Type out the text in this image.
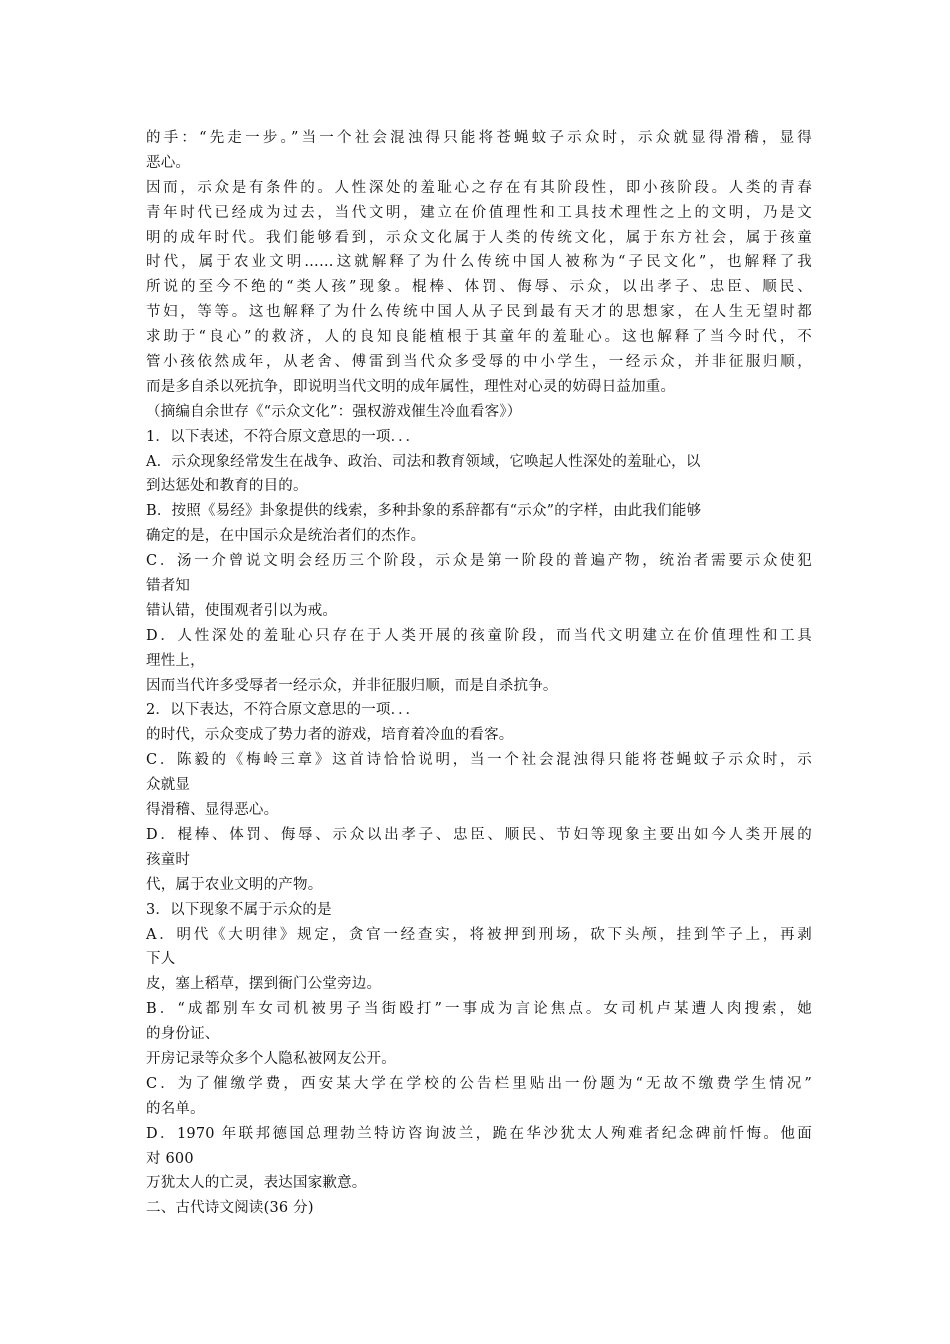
的手：“先走一步。”当一个社会混浊得只能将苍蝇蚊子示众时，示众就显得滑稽，显得
恶心。
因而，示众是有条件的。人性深处的羞耻心之存在有其阶段性，即小孩阶段。人类的青春
青年时代已经成为过去，当代文明，建立在价值理性和工具技术理性之上的文明，乃是文
明的成年时代。我们能够看到，示众文化属于人类的传统文化，属于东方社会，属于孩童
时代，属于农业文明……这就解释了为什么传统中国人被称为“子民文化”，也解释了我
所说的至今不绝的“类人孩”现象。棍棒、体罚、侮辱、示众，以出孝子、忠臣、顺民、
节妇，等等。这也解释了为什么传统中国人从子民到最有天才的思想家，在人生无望时都
求助于“良心”的救济，人的良知良能植根于其童年的羞耻心。这也解释了当今时代，不
管小孩依然成年，从老舍、傅雷到当代众多受辱的中小学生，一经示众，并非征服归顺，
而是多自杀以死抗争，即说明当代文明的成年属性，理性对心灵的妨碍日益加重。
（摘编自余世存《“示众文化”：强权游戏催生冷血看客》）
1．以下表述，不符合原文意思的一项．．．
A．示众现象经常发生在战争、政治、司法和教育领域，它唤起人性深处的羞耻心，以
到达惩处和教育的目的。
B．按照《易经》卦象提供的线索，多种卦象的系辞都有“示众”的字样，由此我们能够
确定的是，在中国示众是统治者们的杰作。
C．汤一介曾说文明会经历三个阶段，示众是第一阶段的普遍产物，统治者需要示众使犯
错者知
错认错，使围观者引以为戒。
D．人性深处的羞耻心只存在于人类开展的孩童阶段，而当代文明建立在价值理性和工具
理性上，
因而当代许多受辱者一经示众，并非征服归顺，而是自杀抗争。
2．以下表达，不符合原文意思的一项．．．
的时代，示众变成了势力者的游戏，培育着冷血的看客。
C．陈毅的《梅岭三章》这首诗恰恰说明，当一个社会混浊得只能将苍蝇蚊子示众时，示
众就显
得滑稽、显得恶心。
D．棍棒、体罚、侮辱、示众以出孝子、忠臣、顺民、节妇等现象主要出如今人类开展的
孩童时
代，属于农业文明的产物。
3．以下现象不属于示众的是
A．明代《大明律》规定，贪官一经查实，将被押到刑场，砍下头颅，挂到竿子上，再剥
下人
皮，塞上稻草，摆到衙门公堂旁边。
B．“成都别车女司机被男子当街殴打”一事成为言论焦点。女司机卢某遭人肉搜索，她
的身份证、
开房记录等众多个人隐私被网友公开。
C．为了催缴学费，西安某大学在学校的公告栏里贴出一份题为“无故不缴费学生情况”
的名单。
D．1970 年联邦德国总理勃兰特访咨询波兰，跪在华沙犹太人殉难者纪念碑前忏悔。他面
对 600
万犹太人的亡灵，表达国家歉意。
二、古代诗文阅读(36 分)
